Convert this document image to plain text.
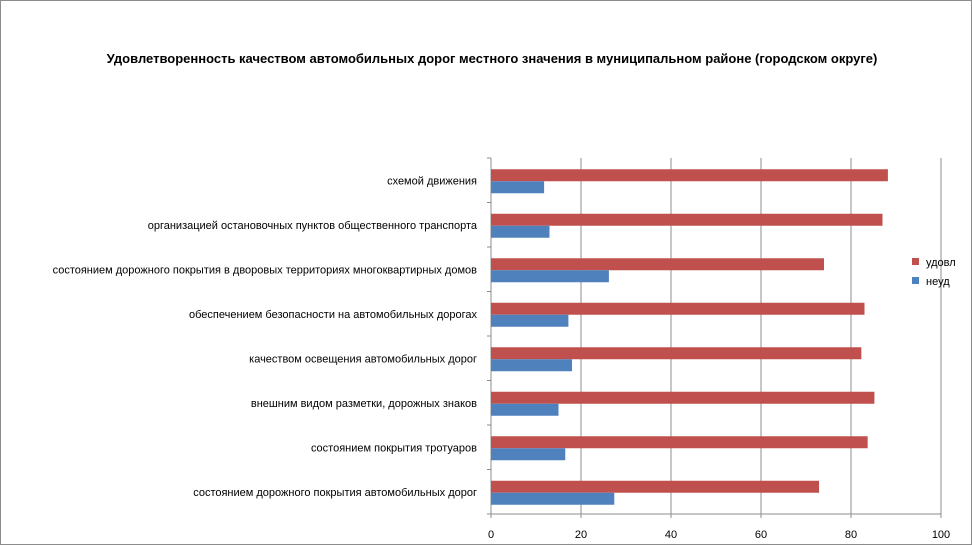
Удовлетворенность качеством автомобильных дорог местного значения в муниципальном районе (городском округе)
0	20	40	60	80	100
схемой движения
организацией остановочных пунктов общественного транспорта
состоянием дорожного покрытия в дворовых территориях многоквартирных домов
обеспечением безопасности на автомобильных дорогах
качеством освещения автомобильных дорог
внешним видом разметки, дорожных знаков
состоянием покрытия тротуаров
состоянием дорожного покрытия автомобильных дорог
удовл
неуд
